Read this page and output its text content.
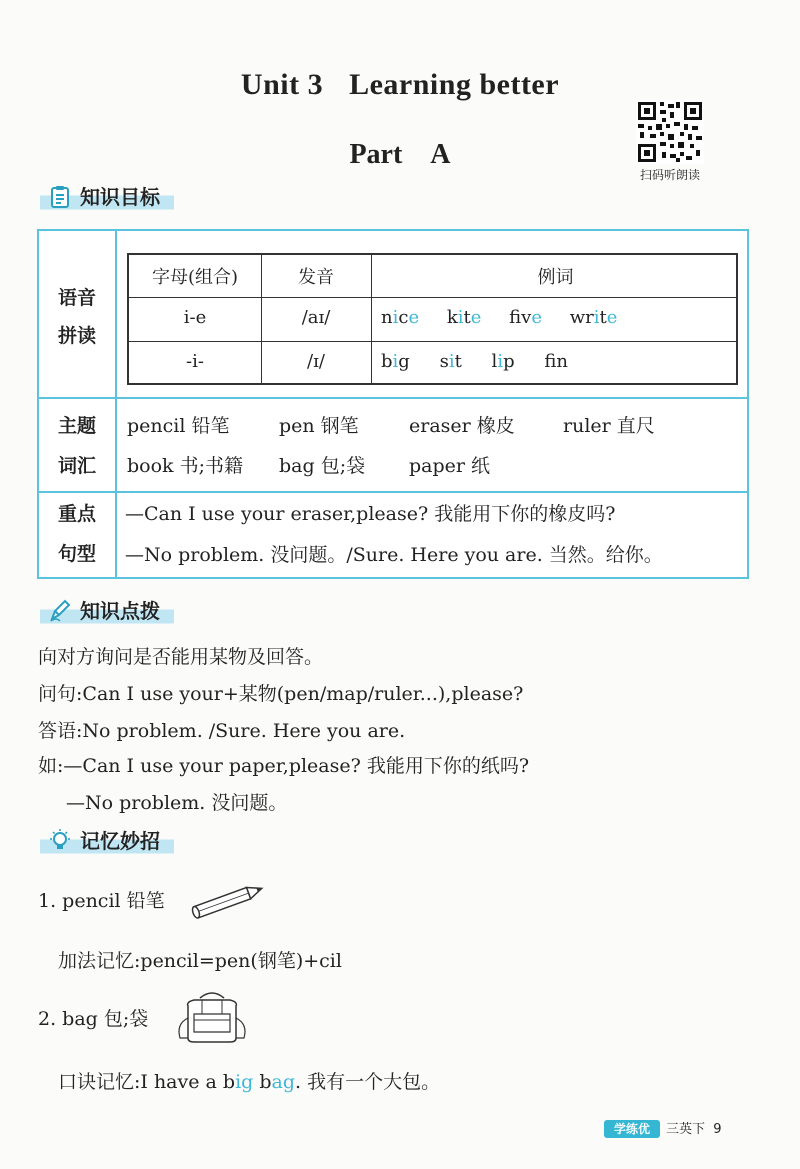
Unit 3 Learning better
Part　A
扫码听朗读
知识目标
语音
拼读
字母(组合)	发音	例词
i-e	/aɪ/	nice kite fve write
-i-	/ɪ/	big sit lip fn
主题
词汇
pencil 铅笔	pen 钢笔	eraser 橡皮	ruler 直尺
book 书;书籍 bag 包;袋 paper 纸
重点
句型
—Can I use your eraser,please? 我能用下你的橡皮吗?
—No problem. 没问题。/Sure. Here you are. 当然。给你。
知识点拨
向对方询问是否能用某物及回答。
问句:Can I use your+某物(pen/map/ruler...),please?
答语:No problem. /Sure. Here you are.
如:—Can I use your paper,please? 我能用下你的纸吗?
—No problem. 没问题。
记忆妙招
1. pencil 铅笔
加法记忆:pencil=pen(钢笔)+cil
2. bag 包;袋
口诀记忆:I have a big bag. 我有一个大包。
学练优	三英下 9
